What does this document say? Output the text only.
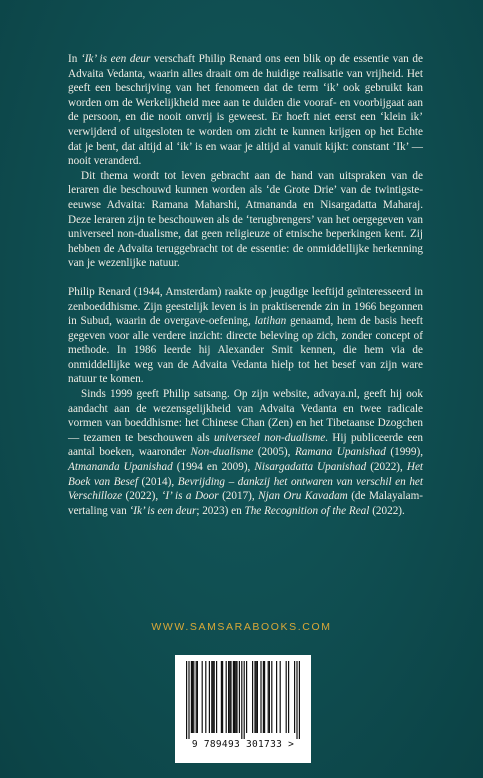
In ‘Ik’ is een deur verschaft Philip Renard ons een blik op de essentie van de Advaita Vedanta, waarin alles draait om de huidige realisatie van vrijheid. Het geeft een beschrijving van het fenomeen dat de term ‘ik’ ook gebruikt kan worden om de Werkelijkheid mee aan te duiden die vooraf- en voorbijgaat aan de persoon, en die nooit onvrij is geweest. Er hoeft niet eerst een ‘klein ik’ verwijderd of uitgesloten te worden om zicht te kunnen krijgen op het Echte dat je bent, dat altijd al ‘ik’ is en waar je altijd al vanuit kijkt: constant ‘Ik’ — nooit veranderd.

Dit thema wordt tot leven gebracht aan de hand van uitspraken van de leraren die beschouwd kunnen worden als ‘de Grote Drie’ van de twintigste-eeuwse Advaita: Ramana Maharshi, Atmananda en Nisargadatta Maharaj. Deze leraren zijn te beschouwen als de ‘terugbrengers’ van het oergegeven van universeel non-dualisme, dat geen religieuze of etnische beperkingen kent. Zij hebben de Advaita teruggebracht tot de essentie: de onmiddellijke herkenning van je wezenlijke natuur.

Philip Renard (1944, Amsterdam) raakte op jeugdige leeftijd geïnteresseerd in zenboeddhisme. Zijn geestelijk leven is in praktiserende zin in 1966 begonnen in Subud, waarin de overgave-oefening, latihan genaamd, hem de basis heeft gegeven voor alle verdere inzicht: directe beleving op zich, zonder concept of methode. In 1986 leerde hij Alexander Smit kennen, die hem via de onmiddellijke weg van de Advaita Vedanta hielp tot het besef van zijn ware natuur te komen.

Sinds 1999 geeft Philip satsang. Op zijn website, advaya.nl, geeft hij ook aandacht aan de wezensgelijkheid van Advaita Vedanta en twee radicale vormen van boeddhisme: het Chinese Chan (Zen) en het Tibetaanse Dzogchen — tezamen te beschouwen als universeel non-dualisme. Hij publiceerde een aantal boeken, waaronder Non-dualisme (2005), Ramana Upanishad (1999), Atmananda Upanishad (1994 en 2009), Nisargadatta Upanishad (2022), Het Boek van Besef (2014), Bevrijding – dankzij het ontwaren van verschil en het Verschilloze (2022), ‘I’ is a Door (2017), Njan Oru Kavadam (de Malayalam-vertaling van ‘Ik’ is een deur; 2023) en The Recognition of the Real (2022).

WWW.SAMSARABOOKS.COM
9 789493 301733 >
